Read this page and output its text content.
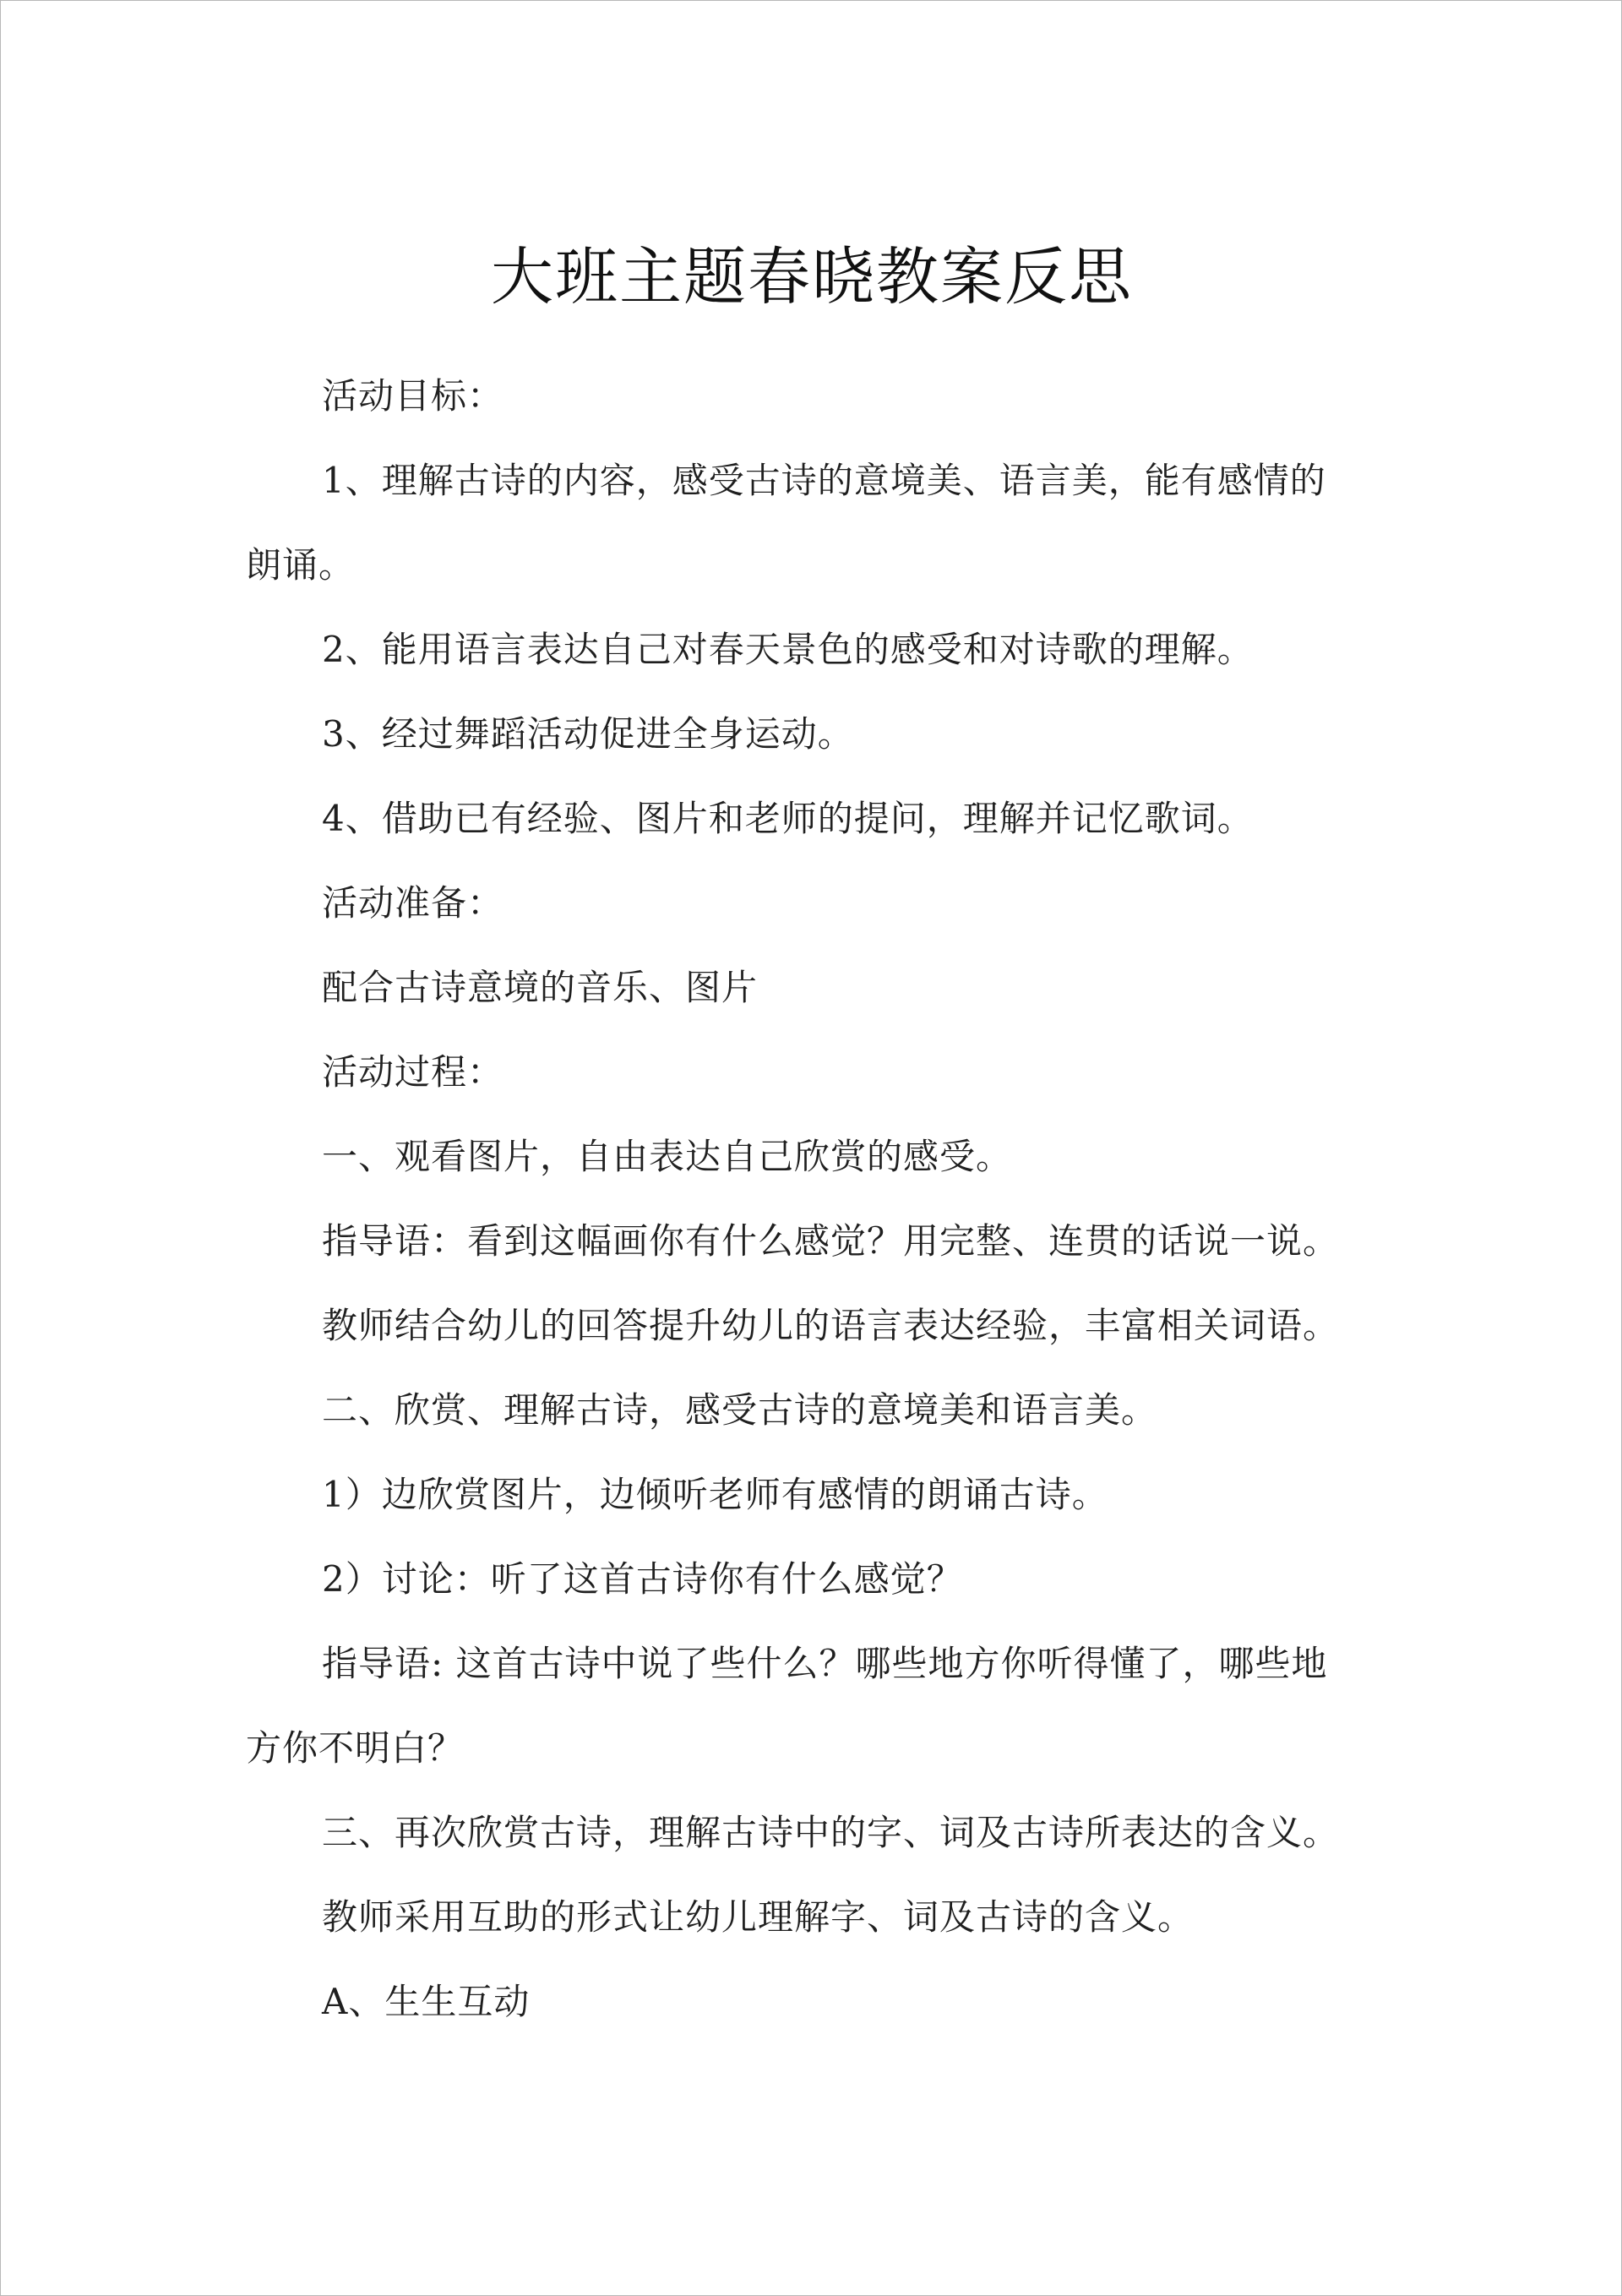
大班主题春晓教案反思
活动目标：
1、理解古诗的内容，感受古诗的意境美、语言美，能有感情的
朗诵。
2、能用语言表达自己对春天景色的感受和对诗歌的理解。
3、经过舞蹈活动促进全身运动。
4、借助已有经验、图片和老师的提问，理解并记忆歌词。
活动准备：
配合古诗意境的音乐、图片
活动过程：
一、观看图片，自由表达自己欣赏的感受。
指导语：看到这幅画你有什么感觉？用完整、连贯的话说一说。
教师结合幼儿的回答提升幼儿的语言表达经验，丰富相关词语。
二、欣赏、理解古诗，感受古诗的意境美和语言美。
1）边欣赏图片，边倾听老师有感情的朗诵古诗。
2）讨论：听了这首古诗你有什么感觉？
指导语: 这首古诗中说了些什么？哪些地方你听得懂了，哪些地
方你不明白？
三、再次欣赏古诗，理解古诗中的字、词及古诗所表达的含义。
教师采用互助的形式让幼儿理解字、词及古诗的含义。
A、生生互动
